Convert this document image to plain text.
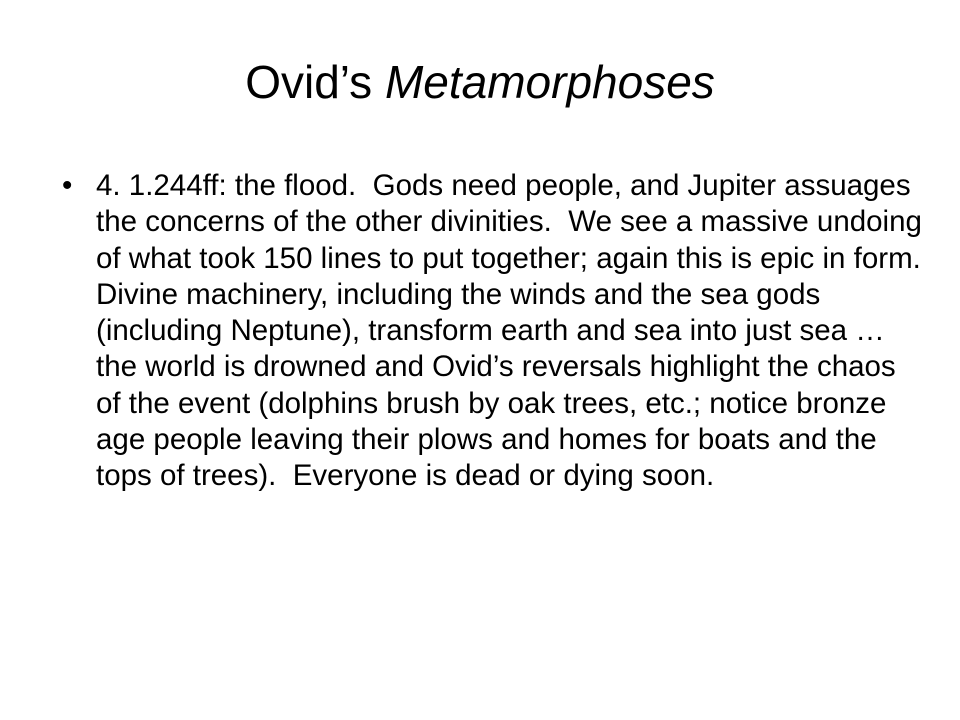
Ovid’s Metamorphoses
• 4. 1.244ff: the flood.  Gods need people, and Jupiter assuages the concerns of the other divinities.  We see a massive undoing of what took 150 lines to put together; again this is epic in form.  Divine machinery, including the winds and the sea gods (including Neptune), transform earth and sea into just sea … the world is drowned and Ovid’s reversals highlight the chaos of the event (dolphins brush by oak trees, etc.; notice bronze age people leaving their plows and homes for boats and the tops of trees).  Everyone is dead or dying soon.
